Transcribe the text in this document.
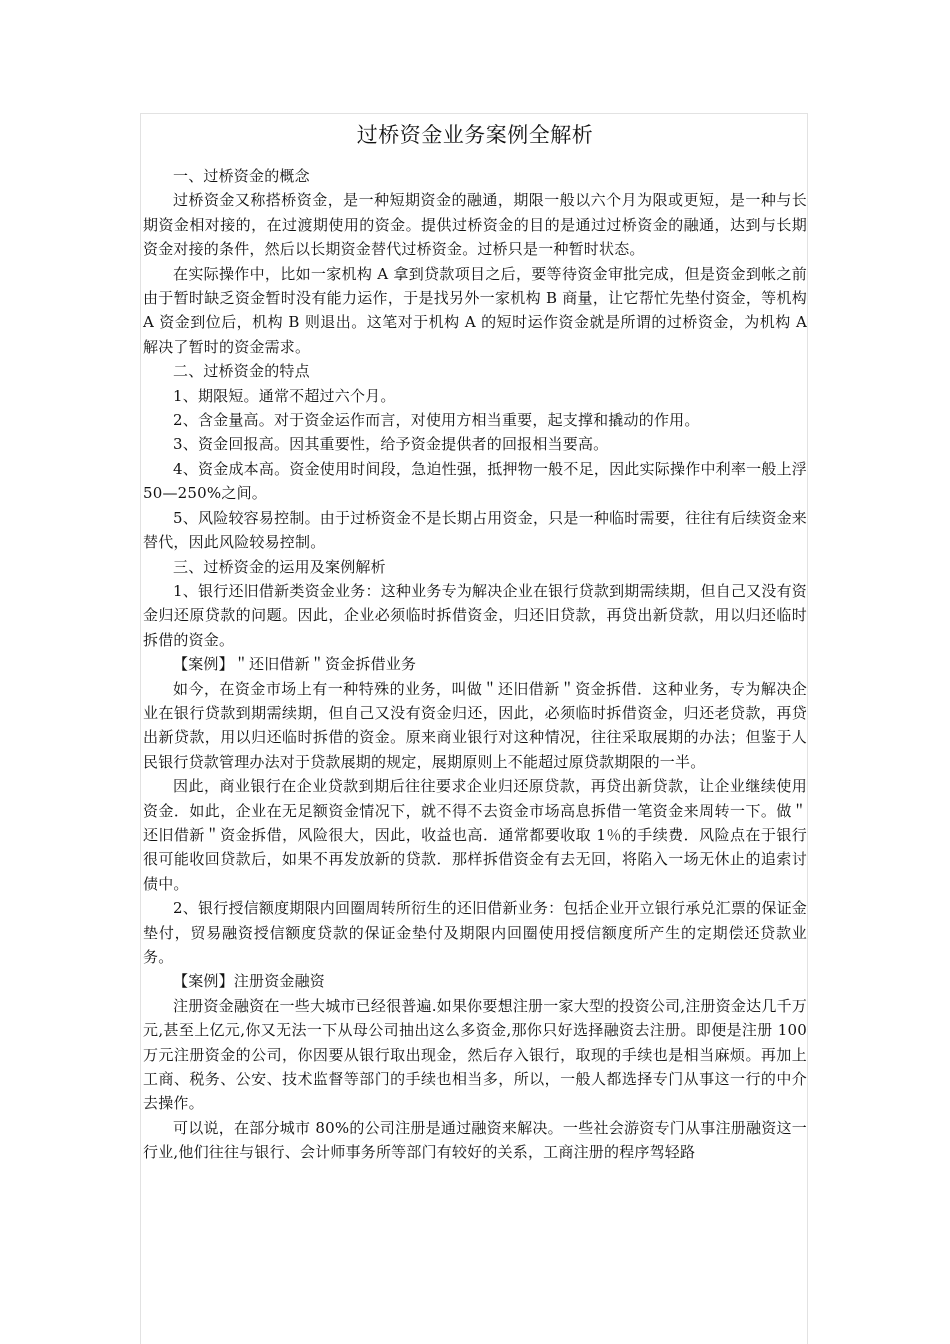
过桥资金业务案例全解析

一、过桥资金的概念

过桥资金又称搭桥资金，是一种短期资金的融通，期限一般以六个月为限或更短，是一种与长期资金相对接的，在过渡期使用的资金。提供过桥资金的目的是通过过桥资金的融通，达到与长期资金对接的条件，然后以长期资金替代过桥资金。过桥只是一种暂时状态。

在实际操作中，比如一家机构 A 拿到贷款项目之后，要等待资金审批完成，但是资金到帐之前由于暂时缺乏资金暂时没有能力运作，于是找另外一家机构 B 商量，让它帮忙先垫付资金，等机构 A 资金到位后，机构 B 则退出。这笔对于机构 A 的短时运作资金就是所谓的过桥资金，为机构 A 解决了暂时的资金需求。

二、过桥资金的特点

1、期限短。通常不超过六个月。

2、含金量高。对于资金运作而言，对使用方相当重要，起支撑和撬动的作用。

3、资金回报高。因其重要性，给予资金提供者的回报相当要高。

4、资金成本高。资金使用时间段，急迫性强，抵押物一般不足，因此实际操作中利率一般上浮 50—250%之间。

5、风险较容易控制。由于过桥资金不是长期占用资金，只是一种临时需要，往往有后续资金来替代，因此风险较易控制。

三、过桥资金的运用及案例解析

1、银行还旧借新类资金业务：这种业务专为解决企业在银行贷款到期需续期，但自己又没有资金归还原贷款的问题。因此，企业必须临时拆借资金，归还旧贷款，再贷出新贷款，用以归还临时拆借的资金。

【案例】＂还旧借新＂资金拆借业务

如今，在资金市场上有一种特殊的业务，叫做＂还旧借新＂资金拆借．这种业务，专为解决企业在银行贷款到期需续期，但自己又没有资金归还，因此，必须临时拆借资金，归还老贷款，再贷出新贷款，用以归还临时拆借的资金。原来商业银行对这种情况，往往采取展期的办法；但鉴于人民银行贷款管理办法对于贷款展期的规定，展期原则上不能超过原贷款期限的一半。

因此，商业银行在企业贷款到期后往往要求企业归还原贷款，再贷出新贷款，让企业继续使用资金．如此，企业在无足额资金情况下，就不得不去资金市场高息拆借一笔资金来周转一下。做＂还旧借新＂资金拆借，风险很大，因此，收益也高．通常都要收取 1％的手续费．风险点在于银行很可能收回贷款后，如果不再发放新的贷款．那样拆借资金有去无回，将陷入一场无休止的追索讨债中。

2、银行授信额度期限内回圈周转所衍生的还旧借新业务：包括企业开立银行承兑汇票的保证金垫付，贸易融资授信额度贷款的保证金垫付及期限内回圈使用授信额度所产生的定期偿还贷款业务。

【案例】注册资金融资

注册资金融资在一些大城市已经很普遍.如果你要想注册一家大型的投资公司,注册资金达几千万元,甚至上亿元,你又无法一下从母公司抽出这么多资金,那你只好选择融资去注册。即便是注册 100 万元注册资金的公司，你因要从银行取出现金，然后存入银行，取现的手续也是相当麻烦。再加上工商、税务、公安、技术监督等部门的手续也相当多，所以，一般人都选择专门从事这一行的中介去操作。

可以说，在部分城市 80%的公司注册是通过融资来解决。一些社会游资专门从事注册融资这一行业,他们往往与银行、会计师事务所等部门有较好的关系，工商注册的程序驾轻路
